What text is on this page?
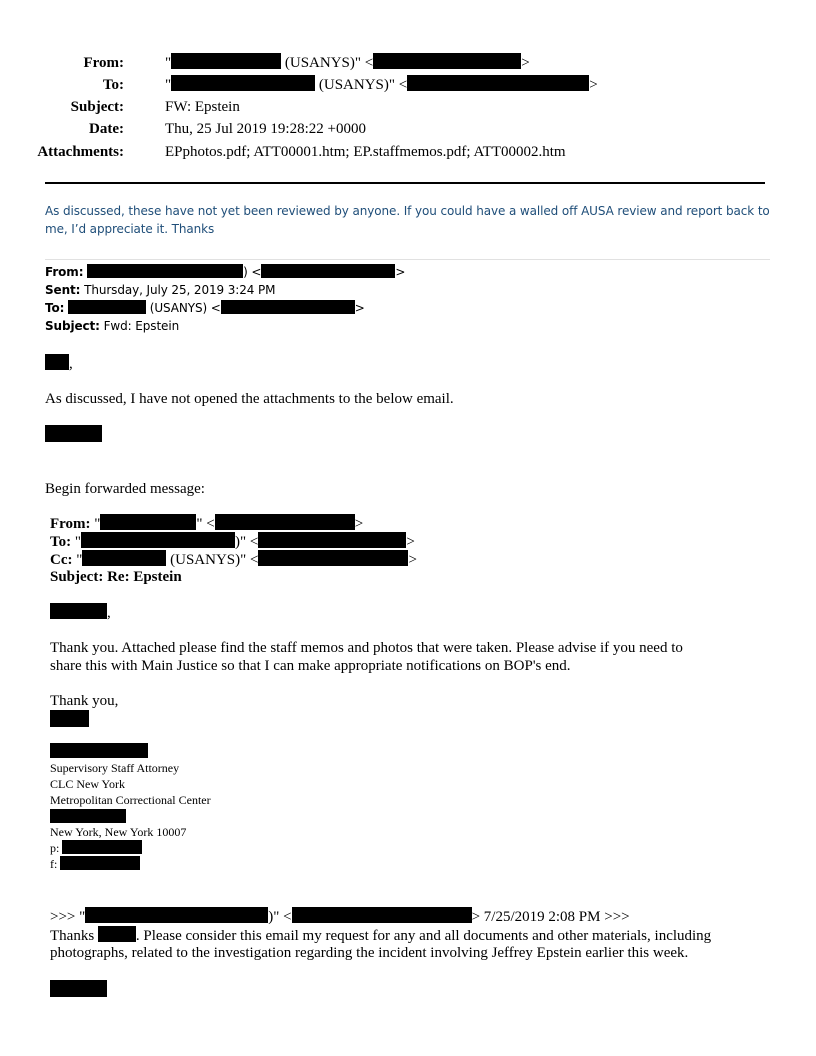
From:	"	(USANYS)" <	>
To:	"	(USANYS)" <	>
Subject:	FW: Epstein
Date:	Thu, 25 Jul 2019 19:28:22 +0000
Attachments:	EPphotos.pdf; ATT00001.htm; EP.staffmemos.pdf; ATT00002.htm
As discussed, these have not yet been reviewed by anyone. If you could have a walled off AUSA review and report back to me, I’d appreciate it. Thanks
From:	) <	>
Sent: Thursday, July 25, 2019 3:24 PM
To:	(USANYS) <	>
Subject: Fwd: Epstein
,
As discussed, I have not opened the attachments to the below email.
Begin forwarded message:
From: "	" <	>
To: "	)" <	>
Cc: "	(USANYS)" <	>
Subject: Re: Epstein
,
Thank you. Attached please find the staff memos and photos that were taken. Please advise if you need to
share this with Main Justice so that I can make appropriate notifications on BOP's end.
Thank you,
Supervisory Staff Attorney
CLC New York
Metropolitan Correctional Center
New York, New York 10007
p:
f:
>>> "	)" <	> 7/25/2019 2:08 PM >>>
Thanks	. Please consider this email my request for any and all documents and other materials, including
photographs, related to the investigation regarding the incident involving Jeffrey Epstein earlier this week.
